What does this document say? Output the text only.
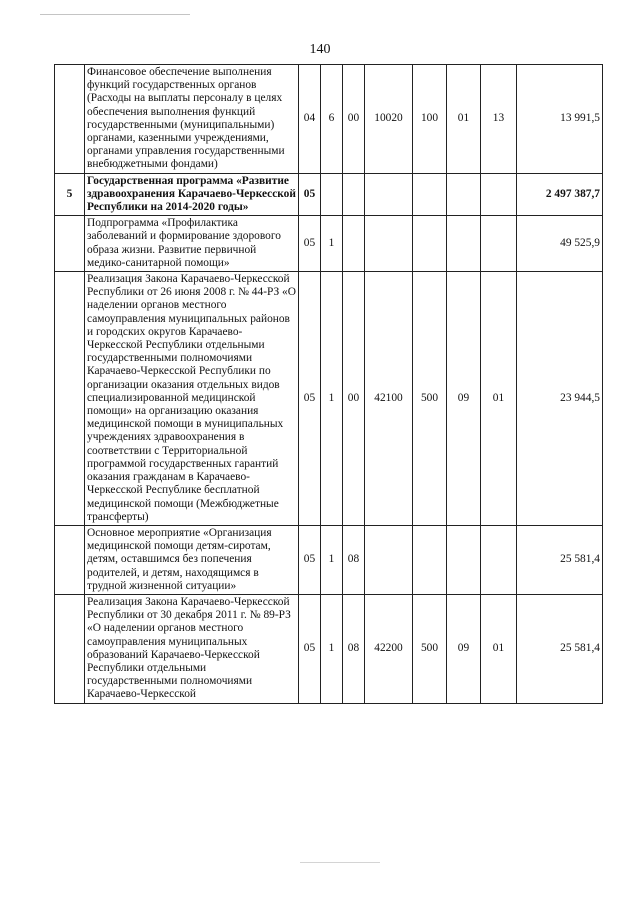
140
	Финансовое обеспечение выполнения функций государственных органов (Расходы на выплаты персоналу в целях обеспечения выполнения функций государственными (муниципальными) органами, казенными учреждениями, органами управления государственными внебюджетными фондами)	04	6	00	10020	100	01	13	13 991,5
5	Государственная программа «Развитие здравоохранения Карачаево-Черкесской Республики на 2014-2020 годы»	05							2 497 387,7
	Подпрограмма «Профилактика заболеваний и формирование здорового образа жизни. Развитие первичной медико-санитарной помощи»	05	1						49 525,9
	Реализация Закона Карачаево-Черкесской Республики от 26 июня 2008 г. № 44-РЗ «О наделении органов местного самоуправления муниципальных районов и городских округов Карачаево-Черкесской Республики отдельными государственными полномочиями Карачаево-Черкесской Республики по организации оказания отдельных видов специализированной медицинской помощи» на организацию оказания медицинской помощи в муниципальных учреждениях здравоохранения в соответствии с Территориальной программой государственных гарантий оказания гражданам в Карачаево-Черкесской Республике бесплатной медицинской помощи (Межбюджетные трансферты)	05	1	00	42100	500	09	01	23 944,5
	Основное мероприятие «Организация медицинской помощи детям-сиротам, детям, оставшимся без попечения родителей, и детям, находящимся в трудной жизненной ситуации»	05	1	08					25 581,4
	Реализация Закона Карачаево-Черкесской Республики от 30 декабря 2011 г. № 89-РЗ «О наделении органов местного самоуправления муниципальных образований Карачаево-Черкесской Республики отдельными государственными полномочиями Карачаево-Черкесской	05	1	08	42200	500	09	01	25 581,4
